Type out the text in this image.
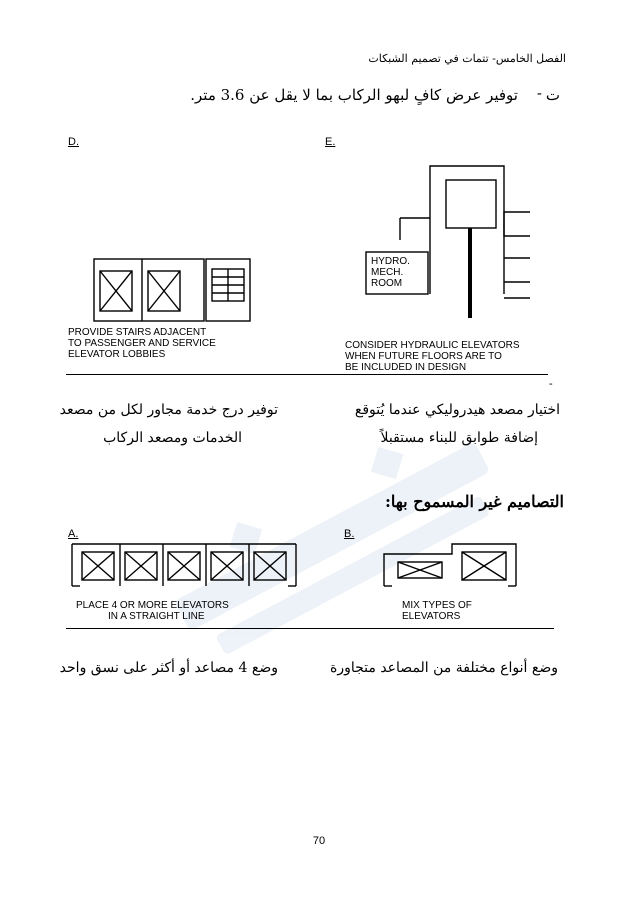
الفصل الخامس- تتمات في تصميم الشبكات
ت
-
توفير عرض كافٍ لبهو الركاب بما لا يقل عن 3.6 متر.
D.
PROVIDE STAIRS ADJACENT
TO PASSENGER AND SERVICE
ELEVATOR LOBBIES
E.
HYDRO.
MECH.
ROOM
CONSIDER HYDRAULIC ELEVATORS
WHEN FUTURE FLOORS ARE TO
BE INCLUDED IN DESIGN
-
توفير درج خدمة مجاور لكل من مصعد
الخدمات ومصعد الركاب
اختيار مصعد هيدروليكي عندما يُتوقع
إضافة طوابق للبناء مستقبلاً
التصاميم غير المسموح بها:
A.
PLACE 4 OR MORE ELEVATORS
IN A STRAIGHT LINE
B.
MIX TYPES OF
ELEVATORS
وضع 4 مصاعد أو أكثر على نسق واحد	وضع أنواع مختلفة من المصاعد متجاورة
70
